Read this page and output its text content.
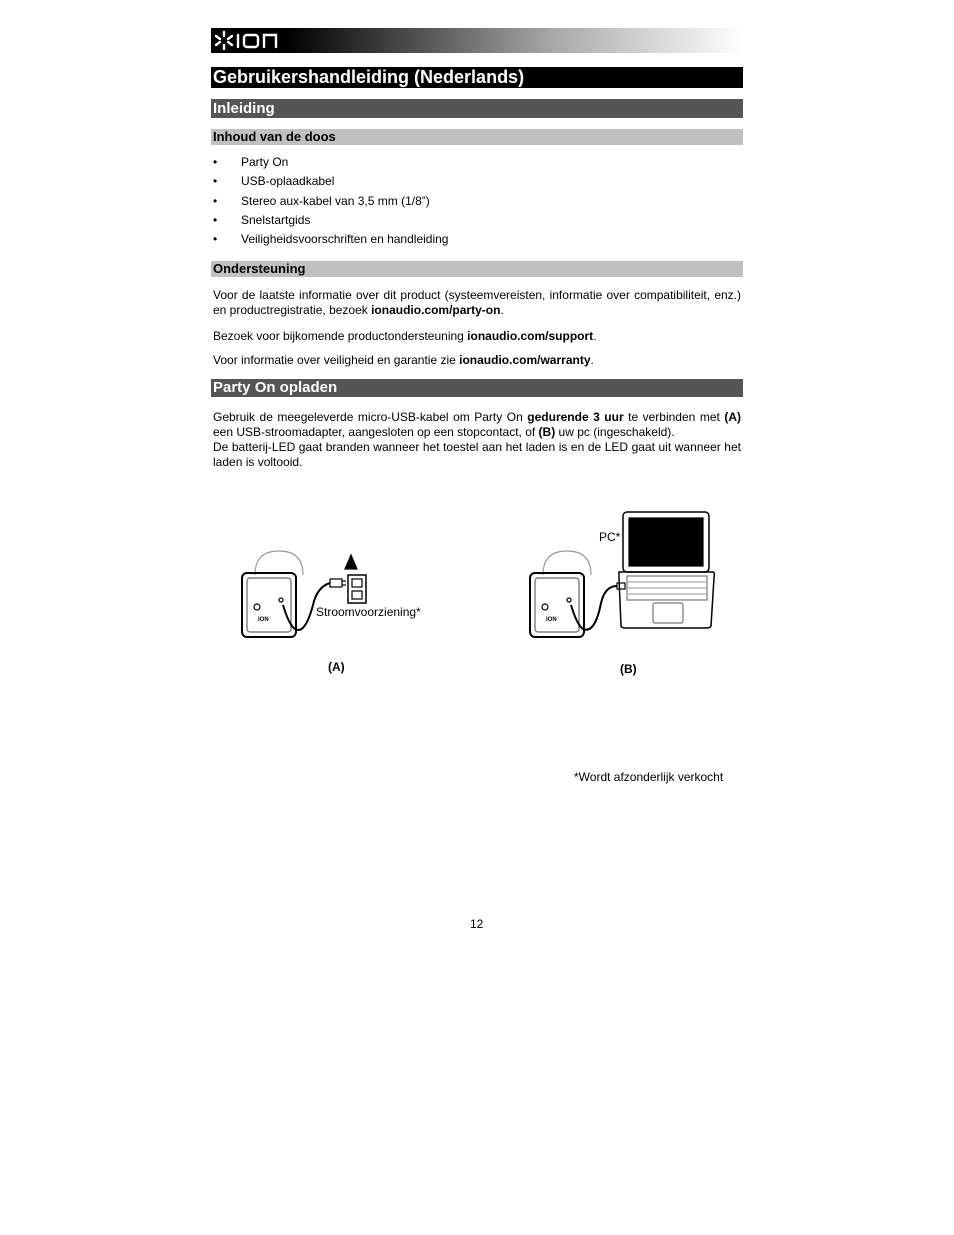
Gebruikershandleiding (Nederlands)
Inleiding
Inhoud van de doos
• Party On
• USB-oplaadkabel
• Stereo aux-kabel van 3,5 mm (1/8”)
• Snelstartgids
• Veiligheidsvoorschriften en handleiding
Ondersteuning
Voor de laatste informatie over dit product (systeemvereisten, informatie over compatibiliteit, enz.) en productregistratie, bezoek ionaudio.com/party-on.
Bezoek voor bijkomende productondersteuning ionaudio.com/support.
Voor informatie over veiligheid en garantie zie ionaudio.com/warranty.
Party On opladen
Gebruik de meegeleverde micro-USB-kabel om Party On gedurende 3 uur te verbinden met (A) een USB-stroomadapter, aangesloten op een stopcontact, of (B) uw pc (ingeschakeld).
De batterij-LED gaat branden wanneer het toestel aan het laden is en de LED gaat uit wanneer het laden is voltooid.
ION
Stroomvoorziening*
(A)
ION
PC*
(B)
*Wordt afzonderlijk verkocht
12
